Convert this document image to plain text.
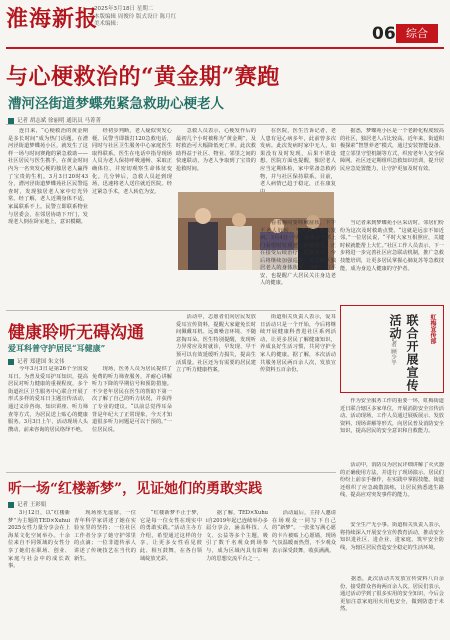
淮海新报
2025年3月18日 星期二
本版编辑 周俊玲 版式设计 陈月红
美术编辑：	06 综合
与心梗救治的“黄金期”赛跑
漕河泾街道梦蝶苑紧急救助心梗老人
记者 胡志斌 徐丽明 通讯员 马菁菁
　　连日来，“心梗救治的黄金期是多长时间”成为热门话题。在漕河泾街道梦蝶苑小区，就发生了这样一场与时间赛跑的紧急救助——社区居民与医生携手，在黄金时间内为一名突发心梗的独居老人赢得了宝贵的生机。3月3日20时43分，漕河泾街道梦蝶苑社区民警巡查时，发现独居老人家中灯光异常。经了解，老人近期身体不适，家属联系不上。民警立即联系物业与居委会，在邻居协助下开门，发现老人倒在卧室地上，意识模糊。
　　经初步判断，老人疑似突发心梗。民警当即拨打120急救电话，同时与社区卫生服务中心家庭医生取得联系。医生在电话中指导现场人员为老人保持呼吸通畅、采取正确体位，并密切观察生命体征变化。几分钟后，急救人员赶到现场，迅速将老人送往就近医院。经过紧急手术，老人转危为安。
　　急救人员表示，心梗发作后的最初几个小时被称为“黄金期”，及时救治可大幅降低死亡率。此次救助得益于社区、物业、邻里之间的快速联动，为老人争取到了宝贵的抢救时间。
　　在医院，医生告诉记者，老人患有冠心病多年，此前曾多次发病。此次发病时家中无人，如果没有及时发现，后果不堪设想。医院方面也提醒，独居老人应当定期体检，家中常备急救药物，并与社区保持联系。目前，老人病情已趋于稳定，正在康复
　　据悉，梦蝶苑小区是一个老龄化程度较高的社区，独居老人占比较高。近年来，街道积极探索“智慧养老”模式，通过安装智能设备、建立邻里守望机制等方式，织密老年人安全保障网。社区还定期组织急救知识培训，提升居民应急处置能力，让守护更加及时有效。
　　看着胸闷要咳嗽症状，下午平老人好转，当天晚上再次发病。3月4日一早，居委会干部上门看望时发现老人病情稳定，正在接受后续治疗。民警表示，今后将继续加强巡查，关注辖区独居老人的身体状况，守护一方平安，也提醒广大居民关注身边老人的健康。
　　当记者来到梦蝶苑小区采访时，邻居们纷纷为这次及时救助点赞。“这就是远亲不如近邻。”一位居民说，“平时大家互相照应，关键时候就能帮上大忙。”社区工作人员表示，下一步将进一步完善社区应急联动机制，推广急救技能培训，让更多居民掌握心肺复苏等急救技能，成为身边人健康的守护者。
健康聆听无碍沟通
爱耳科普守护居民“耳健康”
记者 郑建国 朱文伟
　　今年3月3日是第26个全国爱耳日。为普及爱耳护耳知识，提高居民对听力健康的重视程度，多个街道社区卫生服务中心联合开展了形式多样的爱耳日主题宣传活动，通过义诊咨询、知识讲座、听力筛查等方式，为居民送上贴心的健康服务。3月3日上午，活动现场人头攒动，前来咨询的居民络绎不绝。
　　现场，医务人员为居民提供了免费的听力筛查服务，并耐心讲解听力下降的早期信号和预防措施。不少老年居民在医生的帮助下第一次了解了自己的听力状况，并获得了专业的建议。“以前总觉得耳朵背是年纪大了正常现象，今天才知道很多听力问题是可以干预的。”一位居民说。
　　活动中，志愿者们向居民发放爱耳宣传资料，提醒大家避免长时间佩戴耳机、远离噪音环境、不随意掏耳朵。医生特别提醒，发现听力异常应及时就诊，早发现、早干预可以有效延缓听力损失，提高生活质量。社区还为有需要的居民建立了听力健康档案。
　　街道相关负责人表示，爱耳日活动只是一个开始，今后将继续开展健康科普进社区系列活动，让更多居民了解健康知识，养成良好生活习惯，共同守护全家人的健康。据了解，本次活动共服务居民两百余人次，发放宣传资料五百余份。	联合开展宣传活动	虹梅宣传部
记者 顾少平
　　作为安全服务工作的重要一环，虹梅街道近日联合辖区多家单位，开展消防安全宣传活动。活动现场，工作人员通过展板展示、发放资料、现场讲解等形式，向居民普及消防安全知识，提高居民的安全意识和自救能力。
　　活动中，消防员为居民详细讲解了灭火器的正确使用方法，并进行了现场演示。居民们纷纷上前亲手操作，在实践中掌握技能。街道还组织了应急疏散演练，让居民熟悉逃生路线，提高应对突发事件的能力。
　　安全生产无小事。街道相关负责人表示，将持续深入开展安全宣传教育活动，推动安全知识进社区、进企业、进家庭，筑牢安全防线，为辖区居民营造安全稳定的生活环境。
　　据悉，此次活动共发放宣传资料八百余份，接受群众咨询两百余人次。居民们表示，通过活动学到了很多实用的安全知识，今后会更加注意家庭用火用电安全，做到防患于未然。
听一场“红楼新梦”，见证她们的勇敢实践
记者 王彩娟
　　3月12日，以“红楼新梦”为主题的TED×Xuhui2025女性力量分享会在上海某文化空间举办。十余位来自不同领域的女性分享了她们在职场、创业、家庭与社会中的成长故事。
　　现场座无虚席。一位青年科学家讲述了她在实验室里的坚持；一位社区工作者分享了她守护邻里的点滴；一位非遗传承人讲述了传统技艺在当代的新生。
　　“红楼新梦不止于梦，它是每一位女性在现实中的勇敢实践。”活动主办方介绍，希望通过这样的分享，让更多女性看见彼此、相互鼓舞，在各自领域绽放光彩。
　　据了解，TED×Xuhui自2019年起已连续举办多届分享会，涵盖科技、人文、公益等多个主题，吸引了数千名观众到场参与，成为区域内具有影响力的思想交流平台之一。
　　活动最后，主持人邀请在场观众一同写下自己的“新梦”。一张张写满心愿的卡片被贴上心愿墙，现场气氛温暖而热烈，不少观众表示深受鼓舞，收获满满。
